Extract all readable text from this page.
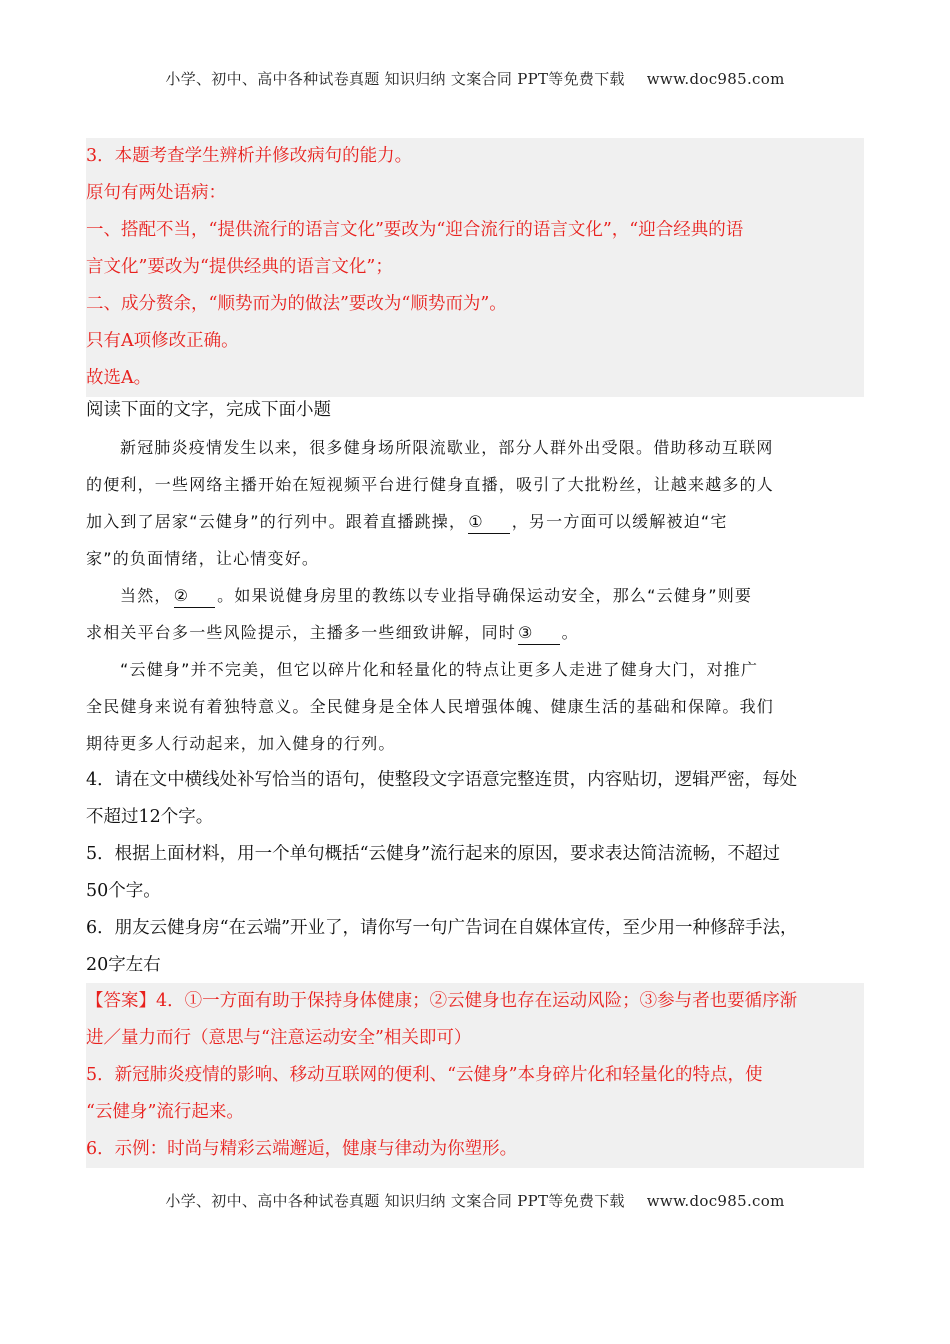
小学、初中、高中各种试卷真题 知识归纳 文案合同 PPT等免费下载 www.doc985.com
3．本题考查学生辨析并修改病句的能力。
原句有两处语病：
一、搭配不当，“提供流行的语言文化”要改为“迎合流行的语言文化”，“迎合经典的语
言文化”要改为“提供经典的语言文化”；
二、成分赘余，“顺势而为的做法”要改为“顺势而为”。
只有A项修改正确。
故选A。
阅读下面的文字，完成下面小题
新冠肺炎疫情发生以来，很多健身场所限流歇业，部分人群外出受限。借助移动互联网
的便利，一些网络主播开始在短视频平台进行健身直播，吸引了大批粉丝，让越来越多的人
加入到了居家“云健身”的行列中。跟着直播跳操， ① ，另一方面可以缓解被迫“宅
家”的负面情绪，让心情变好。
当然， ② 。如果说健身房里的教练以专业指导确保运动安全，那么“云健身”则要
求相关平台多一些风险提示，主播多一些细致讲解，同时 ③ 。
“云健身”并不完美，但它以碎片化和轻量化的特点让更多人走进了健身大门，对推广
全民健身来说有着独特意义。全民健身是全体人民增强体魄、健康生活的基础和保障。我们
期待更多人行动起来，加入健身的行列。
4．请在文中横线处补写恰当的语句，使整段文字语意完整连贯，内容贴切，逻辑严密，每处
不超过12个字。
5．根据上面材料，用一个单句概括“云健身”流行起来的原因，要求表达简洁流畅，不超过
50个字。
6．朋友云健身房“在云端”开业了，请你写一句广告词在自媒体宣传，至少用一种修辞手法，
20字左右
【答案】4．①一方面有助于保持身体健康；②云健身也存在运动风险；③参与者也要循序渐
进／量力而行（意思与“注意运动安全”相关即可）
5．新冠肺炎疫情的影响、移动互联网的便利、“云健身”本身碎片化和轻量化的特点，使
“云健身”流行起来。
6．示例：时尚与精彩云端邂逅，健康与律动为你塑形。
小学、初中、高中各种试卷真题 知识归纳 文案合同 PPT等免费下载 www.doc985.com
